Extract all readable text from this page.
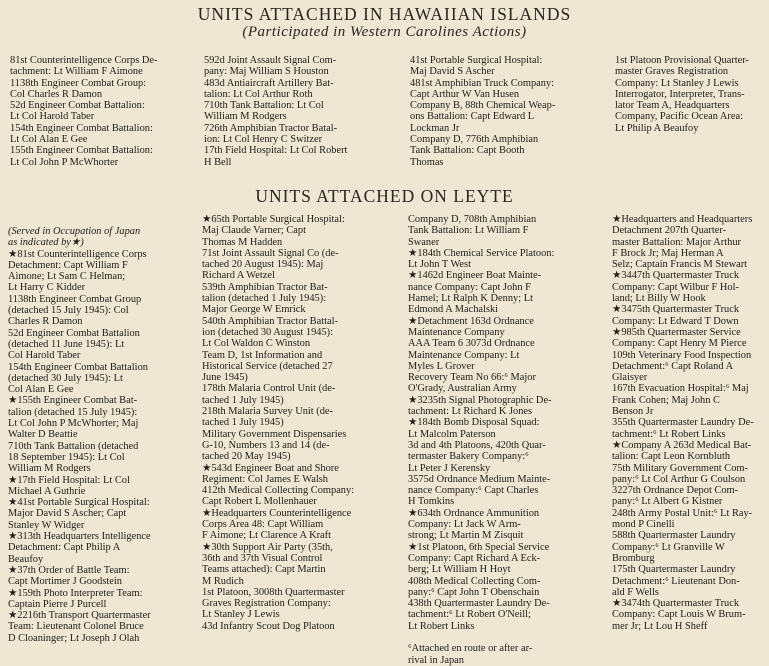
UNITS ATTACHED IN HAWAIIAN ISLANDS
(Participated in Western Carolines Actions)
81st Counterintelligence Corps De-
tachment: Lt William F Aimone
1138th Engineer Combat Group:
Col Charles R Damon
52d Engineer Combat Battalion:
Lt Col Harold Taber
154th Engineer Combat Battalion:
Lt Col Alan E Gee
155th Engineer Combat Battalion:
Lt Col John P McWhorter
592d Joint Assault Signal Com-
pany: Maj William S Houston
483d Antiaircraft Artillery Bat-
talion: Lt Col Arthur Roth
710th Tank Battalion: Lt Col
William M Rodgers
726th Amphibian Tractor Batal-
ion: Lt Col Henry C Switzer
17th Field Hospital: Lt Col Robert
H Bell
41st Portable Surgical Hospital:
Maj David S Ascher
481st Amphibian Truck Company:
Capt Arthur W Van Husen
Company B, 88th Chemical Weap-
ons Battalion: Capt Edward L
Lockman Jr
Company D, 776th Amphibian
Tank Battalion: Capt Booth
Thomas
1st Platoon Provisional Quarter-
master Graves Registration
Company: Lt Stanley J Lewis
Interrogator, Interpreter, Trans-
lator Team A, Headquarters
Company, Pacific Ocean Area:
Lt Philip A Beaufoy
UNITS ATTACHED ON LEYTE
(Served in Occupation of Japan
as indicated by★)
★81st Counterintelligence Corps
Detachment: Capt William F
Aimone; Lt Sam C Helman;
Lt Harry C Kidder
1138th Engineer Combat Group
(detached 15 July 1945): Col
Charles R Damon
52d Engineer Combat Battalion
(detached 11 June 1945): Lt
Col Harold Taber
154th Engineer Combat Battalion
(detached 30 July 1945): Lt
Col Alan E Gee
★155th Engineer Combat Bat-
talion (detached 15 July 1945):
Lt Col John P McWhorter; Maj
Walter D Beattie
710th Tank Battalion (detached
18 September 1945): Lt Col
William M Rodgers
★17th Field Hospital: Lt Col
Michael A Guthrie
★41st Portable Surgical Hospital:
Major David S Ascher; Capt
Stanley W Widger
★313th Headquarters Intelligence
Detachment: Capt Philip A
Beaufoy
★37th Order of Battle Team:
Capt Mortimer J Goodstein
★159th Photo Interpreter Team:
Captain Pierre J Purcell
★2216th Transport Quartermaster
Team: Lieutenant Colonel Bruce
D Cloaninger; Lt Joseph J Olah
★65th Portable Surgical Hospital:
Maj Claude Varner; Capt
Thomas M Hadden
71st Joint Assault Signal Co (de-
tached 20 August 1945): Maj
Richard A Wetzel
539th Amphibian Tractor Bat-
talion (detached 1 July 1945):
Major George W Emrick
540th Amphibian Tractor Battal-
ion (detached 30 August 1945):
Lt Col Waldon C Winston
Team D, 1st Information and
Historical Service (detached 27
June 1945)
178th Malaria Control Unit (de-
tached 1 July 1945)
218th Malaria Survey Unit (de-
tached 1 July 1945)
Military Government Dispensaries
G-10, Numbers 13 and 14 (de-
tached 20 May 1945)
★543d Engineer Boat and Shore
Regiment: Col James E Walsh
412th Medical Collecting Company:
Capt Robert L Mollenhauer
★Headquarters Counterintelligence
Corps Area 48: Capt William
F Aimone; Lt Clarence A Kraft
★30th Support Air Party (35th,
36th and 37th Visual Control
Teams attached): Capt Martin
M Rudich
1st Platoon, 3008th Quartermaster
Graves Registration Company:
Lt Stanley J Lewis
43d Infantry Scout Dog Platoon
Company D, 708th Amphibian
Tank Battalion: Lt William F
Swaner
★184th Chemical Service Platoon:
Lt John T West
★1462d Engineer Boat Mainte-
nance Company: Capt John F
Hamel; Lt Ralph K Denny; Lt
Edmond A Machalski
★Detachment 163d Ordnance
Maintenance Company
AAA Team 6 3073d Ordnance
Maintenance Company: Lt
Myles L Grover
Recovery Team No 66:⁶ Major
O'Grady, Australian Army
★3235th Signal Photographic De-
tachment: Lt Richard K Jones
★184th Bomb Disposal Squad:
Lt Malcolm Paterson
3d and 4th Platoons, 420th Quar-
termaster Bakery Company:⁶
Lt Peter J Kerensky
3575d Ordnance Medium Mainte-
nance Company:⁶ Capt Charles
H Tomkins
★634th Ordnance Ammunition
Company: Lt Jack W Arm-
strong; Lt Martin M Zisquit
★1st Platoon, 6th Special Service
Company: Capt Richard A Eck-
berg; Lt William H Hoyt
408th Medical Collecting Com-
pany:⁶ Capt John T Obenschain
438th Quartermaster Laundry De-
tachment:⁶ Lt Robert O'Neill;
Lt Robert Links

⁶Attached en route or after ar-
rival in Japan
★Headquarters and Headquarters
Detachment 207th Quarter-
master Battalion: Major Arthur
F Brock Jr; Maj Herman A
Selz; Captain Francis M Stewart
★3447th Quartermaster Truck
Company: Capt Wilbur F Hol-
land; Lt Billy W Hook
★3475th Quartermaster Truck
Company: Lt Edward T Down
★985th Quartermaster Service
Company: Capt Henry M Pierce
109th Veterinary Food Inspection
Detachment:⁶ Capt Roland A
Glaisyer
167th Evacuation Hospital:⁶ Maj
Frank Cohen; Maj John C
Benson Jr
355th Quartermaster Laundry De-
tachment:⁶ Lt Robert Links
★Company A 263d Medical Bat-
talion: Capt Leon Kornbluth
75th Military Government Com-
pany:⁶ Lt Col Arthur G Coulson
3227th Ordnance Depot Com-
pany:⁶ Lt Albert G Kistner
248th Army Postal Unit:⁶ Lt Ray-
mond P Cinelli
588th Quartermaster Laundry
Company:⁶ Lt Granville W
Bromburg
175th Quartermaster Laundry
Detachment:⁶ Lieutenant Don-
ald F Wells
★3474th Quartermaster Truck
Company: Capt Louis W Brum-
mer Jr; Lt Lou H Sheff
